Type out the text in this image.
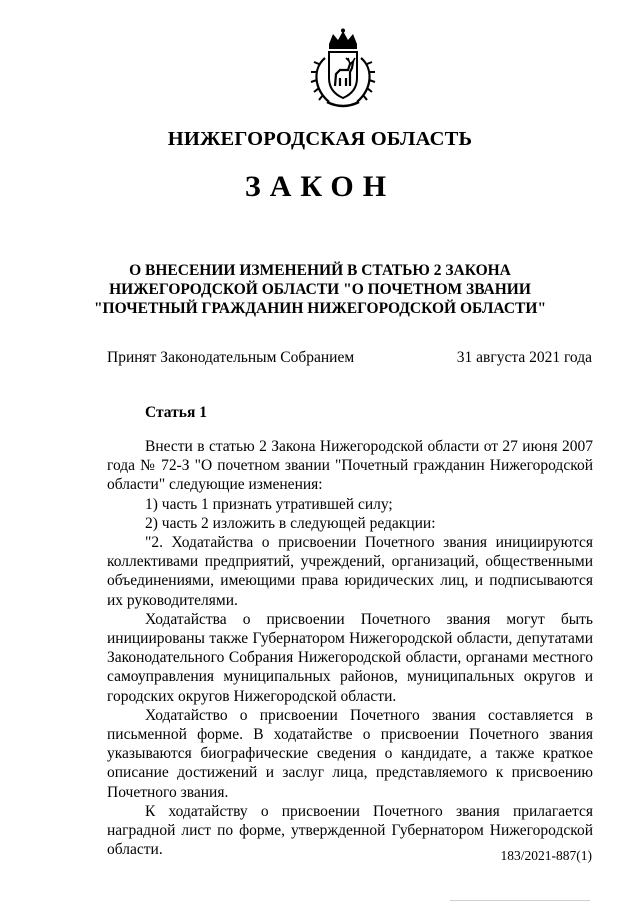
НИЖЕГОРОДСКАЯ ОБЛАСТЬ
ЗАКОН
О ВНЕСЕНИИ ИЗМЕНЕНИЙ В СТАТЬЮ 2 ЗАКОНА
НИЖЕГОРОДСКОЙ ОБЛАСТИ "О ПОЧЕТНОМ ЗВАНИИ
"ПОЧЕТНЫЙ ГРАЖДАНИН НИЖЕГОРОДСКОЙ ОБЛАСТИ"
Принят Законодательным Собранием	31 августа 2021 года
Статья 1

Внести в статью 2 Закона Нижегородской области от 27 июня 2007 года № 72-З "О почетном звании "Почетный гражданин Нижегородской области" следующие изменения:

1) часть 1 признать утратившей силу;

2) часть 2 изложить в следующей редакции:

"2. Ходатайства о присвоении Почетного звания инициируются коллективами предприятий, учреждений, организаций, общественными объединениями, имеющими права юридических лиц, и подписываются их руководителями.

Ходатайства о присвоении Почетного звания могут быть инициированы также Губернатором Нижегородской области, депутатами Законодательного Собрания Нижегородской области, органами местного самоуправления муниципальных районов, муниципальных округов и городских округов Нижегородской области.

Ходатайство о присвоении Почетного звания составляется в письменной форме. В ходатайстве о присвоении Почетного звания указываются биографические сведения о кандидате, а также краткое описание достижений и заслуг лица, представляемого к присвоению Почетного звания.

К ходатайству о присвоении Почетного звания прилагается наградной лист по форме, утвержденной Губернатором Нижегородской области.	183/2021-887(1)
